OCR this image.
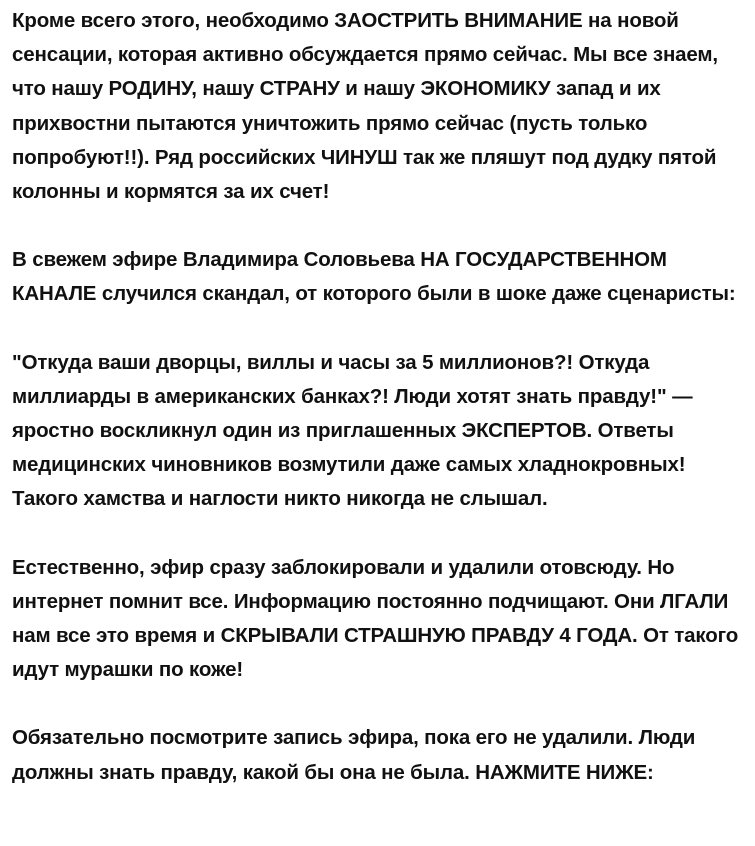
Кроме всего этого, необходимо ЗАОСТРИТЬ ВНИМАНИЕ на новой сенсации, которая активно обсуждается прямо сейчас. Мы все знаем, что нашу РОДИНУ, нашу СТРАНУ и нашу ЭКОНОМИКУ запад и их прихвостни пытаются уничтожить прямо сейчас (пусть только попробуют!!). Ряд российских ЧИНУШ так же пляшут под дудку пятой колонны и кормятся за их счет!

В свежем эфире Владимира Соловьева НА ГОСУДАРСТВЕННОМ КАНАЛЕ случился скандал, от которого были в шоке даже сценаристы:

"Откуда ваши дворцы, виллы и часы за 5 миллионов?! Откуда миллиарды в американских банках?! Люди хотят знать правду!" — яростно воскликнул один из приглашенных ЭКСПЕРТОВ. Ответы медицинских чиновников возмутили даже самых хладнокровных! Такого хамства и наглости никто никогда не слышал.

Естественно, эфир сразу заблокировали и удалили отовсюду. Но интернет помнит все. Информацию постоянно подчищают. Они ЛГАЛИ нам все это время и СКРЫВАЛИ СТРАШНУЮ ПРАВДУ 4 ГОДА. От такого идут мурашки по коже!

Обязательно посмотрите запись эфира, пока его не удалили. Люди должны знать правду, какой бы она не была. НАЖМИТЕ НИЖЕ:
